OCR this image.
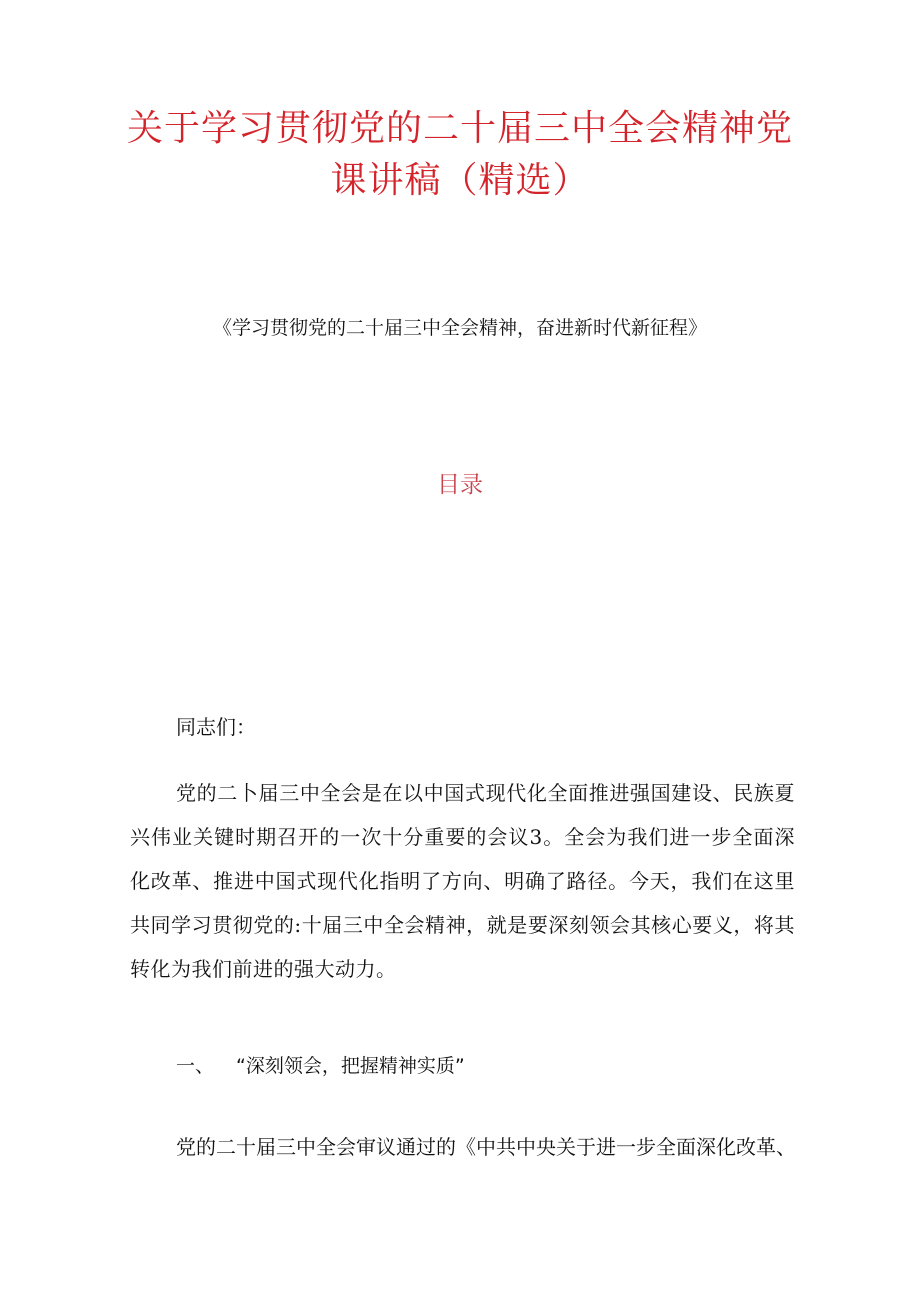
关于学习贯彻党的二十届三中全会精神党
课讲稿（精选）
《学习贯彻党的二十届三中全会精神，奋进新时代新征程》
目录
同志们：
党的二卜届三中全会是在以中国式现代化全面推进强国建设、民族夏兴伟业关键时期召开的一次十分重要的会议3。全会为我们进一步全面深化改革、推进中国式现代化指明了方向、明确了路径。今天，我们在这里共同学习贯彻党的:十届三中全会精神，就是要深刻领会其核心要义，将其转化为我们前进的强大动力。
一、 “深刻领会，把握精神实质”
党的二十届三中全会审议通过的《中共中央关于进一步全面深化改革、
